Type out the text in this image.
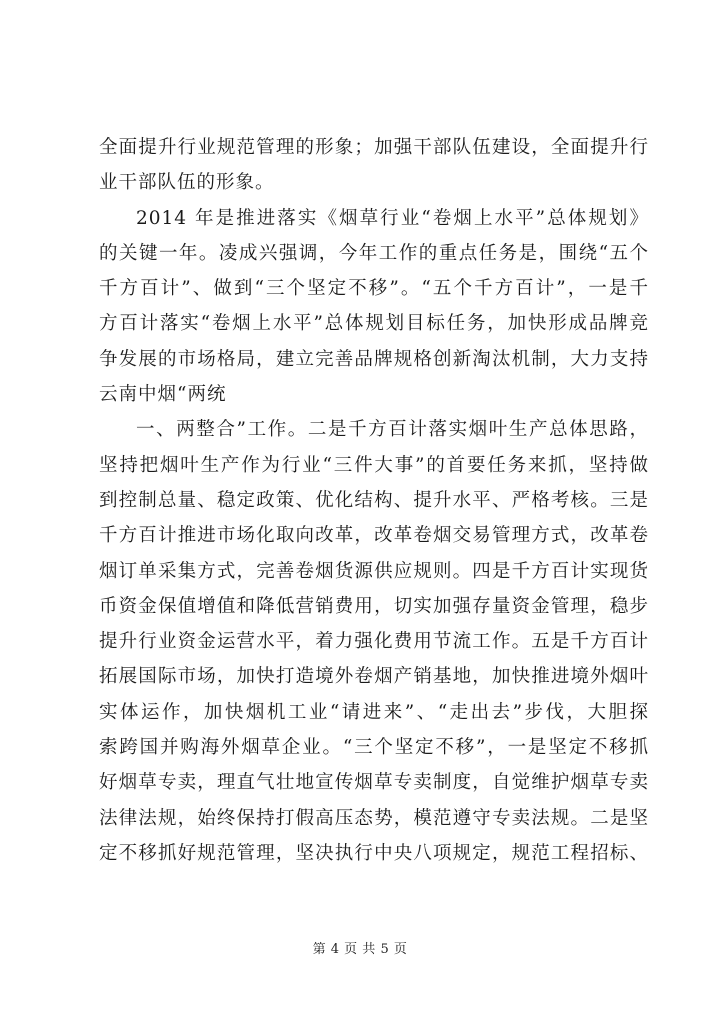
全面提升行业规范管理的形象；加强干部队伍建设，全面提升行
业干部队伍的形象。

2014 年是推进落实《烟草行业“卷烟上水平”总体规划》
的关键一年。凌成兴强调，今年工作的重点任务是，围绕“五个
千方百计”、做到“三个坚定不移”。“五个千方百计”，一是千
方百计落实“卷烟上水平”总体规划目标任务，加快形成品牌竞
争发展的市场格局，建立完善品牌规格创新淘汰机制，大力支持
云南中烟“两统

一、两整合”工作。二是千方百计落实烟叶生产总体思路，
坚持把烟叶生产作为行业“三件大事”的首要任务来抓，坚持做
到控制总量、稳定政策、优化结构、提升水平、严格考核。三是
千方百计推进市场化取向改革，改革卷烟交易管理方式，改革卷
烟订单采集方式，完善卷烟货源供应规则。四是千方百计实现货
币资金保值增值和降低营销费用，切实加强存量资金管理，稳步
提升行业资金运营水平，着力强化费用节流工作。五是千方百计
拓展国际市场，加快打造境外卷烟产销基地，加快推进境外烟叶
实体运作，加快烟机工业“请进来”、“走出去”步伐，大胆探
索跨国并购海外烟草企业。“三个坚定不移”，一是坚定不移抓
好烟草专卖，理直气壮地宣传烟草专卖制度，自觉维护烟草专卖
法律法规，始终保持打假高压态势，模范遵守专卖法规。二是坚
定不移抓好规范管理，坚决执行中央八项规定，规范工程招标、

第 4 页 共 5 页
